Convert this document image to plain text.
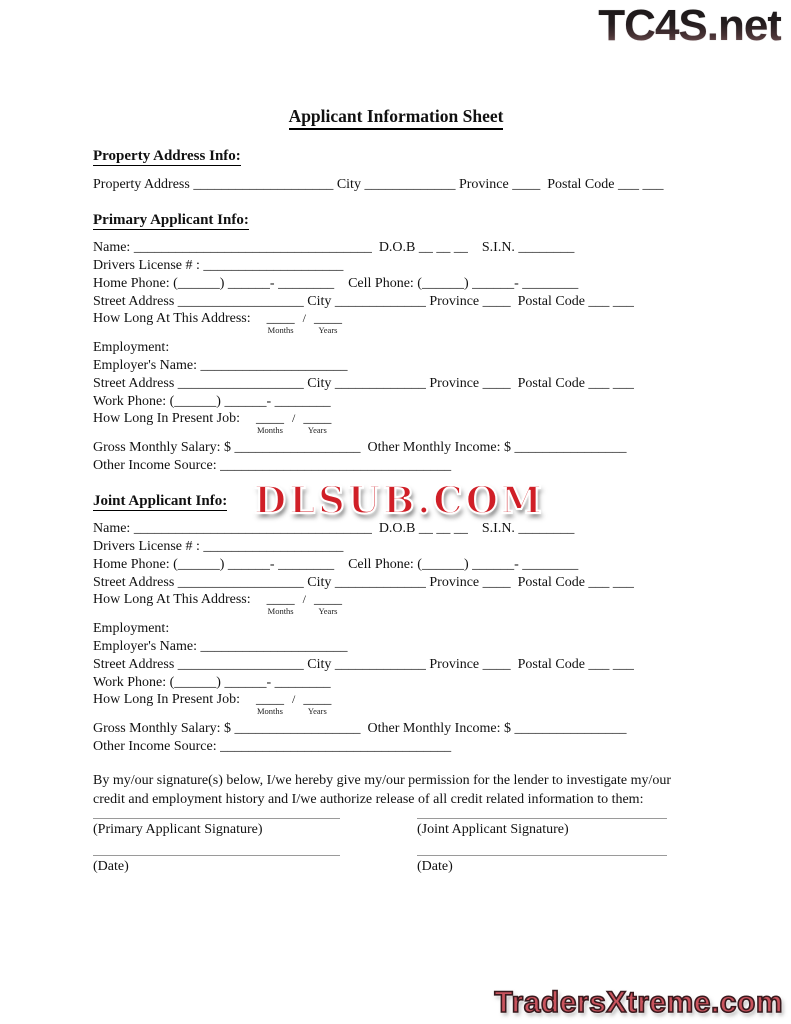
TC4S.net
DLSUB.COM
Applicant Information Sheet
Property Address Info:
Property Address ____________________ City _____________ Province ____  Postal Code ___ ___
Primary Applicant Info:
Name: __________________________________  D.O.B __ __ __    S.I.N. ________
Drivers License # : ____________________
Home Phone: (______) ______- ________    Cell Phone: (______) ______- ________
Street Address __________________ City _____________ Province ____  Postal Code ___ ___
How Long At This Address: ____
Months
/ ____
Years
Employment:
Employer's Name: _____________________
Street Address __________________ City _____________ Province ____  Postal Code ___ ___
Work Phone: (______) ______- ________
How Long In Present Job: ____
Months
/ ____
Years
Gross Monthly Salary: $ __________________  Other Monthly Income: $ ________________
Other Income Source: _________________________________
Joint Applicant Info:
Name: __________________________________  D.O.B __ __ __    S.I.N. ________
Drivers License # : ____________________
Home Phone: (______) ______- ________    Cell Phone: (______) ______- ________
Street Address __________________ City _____________ Province ____  Postal Code ___ ___
How Long At This Address: ____
Months
/ ____
Years
Employment:
Employer's Name: _____________________
Street Address __________________ City _____________ Province ____  Postal Code ___ ___
Work Phone: (______) ______- ________
How Long In Present Job: ____
Months
/ ____
Years
Gross Monthly Salary: $ __________________  Other Monthly Income: $ ________________
Other Income Source: _________________________________
By my/our signature(s) below, I/we hereby give my/our permission for the lender to investigate my/our credit and employment history and I/we authorize release of all credit related information to them:
(Primary Applicant Signature)
(Date)
(Joint Applicant Signature)
(Date)
TradersXtreme.com
